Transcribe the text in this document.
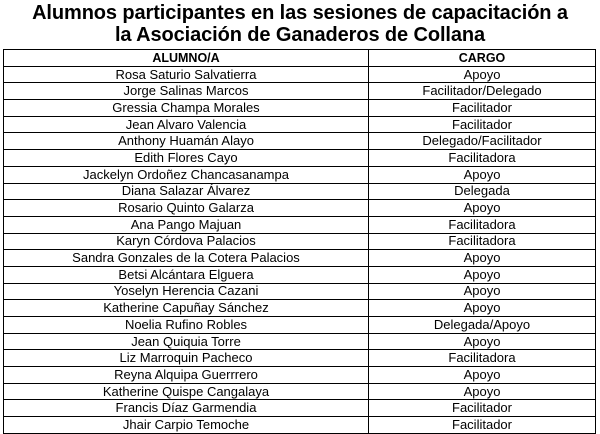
Alumnos participantes en las sesiones de capacitación a
la Asociación de Ganaderos de Collana
ALUMNO/A	CARGO
Rosa Saturio Salvatierra	Apoyo
Jorge Salinas Marcos	Facilitador/Delegado
Gressia Champa Morales	Facilitador
Jean Alvaro Valencia	Facilitador
Anthony Huamán Alayo	Delegado/Facilitador
Edith Flores Cayo	Facilitadora
Jackelyn Ordoñez Chancasanampa	Apoyo
Diana Salazar Álvarez	Delegada
Rosario Quinto Galarza	Apoyo
Ana Pango Majuan	Facilitadora
Karyn Córdova Palacios	Facilitadora
Sandra Gonzales de la Cotera Palacios	Apoyo
Betsi Alcántara Elguera	Apoyo
Yoselyn Herencia Cazani	Apoyo
Katherine Capuñay Sánchez	Apoyo
Noelia Rufino Robles	Delegada/Apoyo
Jean Quiquia Torre	Apoyo
Liz Marroquin Pacheco	Facilitadora
Reyna Alquipa Guerrrero	Apoyo
Katherine Quispe Cangalaya	Apoyo
Francis Díaz Garmendia	Facilitador
Jhair Carpio Temoche	Facilitador
